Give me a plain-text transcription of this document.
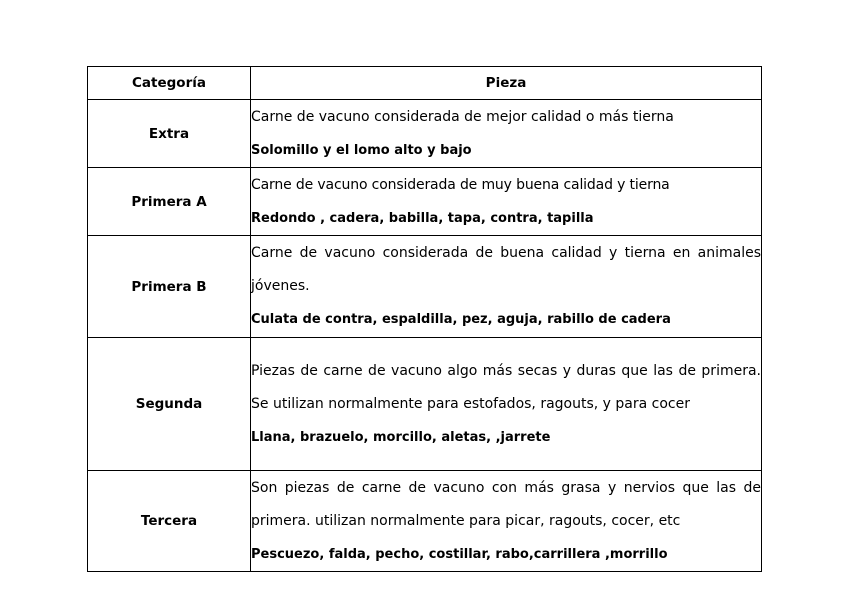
Categoría	Pieza
Extra	Carne de vacuno considerada de mejor calidad o más tierna
Solomillo y el lomo alto y bajo

Primera A	Carne de vacuno considerada de muy buena calidad y tierna
Redondo , cadera, babilla, tapa, contra, tapilla

Primera B	Carne de vacuno considerada de buena calidad y tierna en animales jóvenes.
Culata de contra, espaldilla, pez, aguja, rabillo de cadera

Segunda	Piezas de carne de vacuno algo más secas y duras que las de primera. Se utilizan normalmente para estofados, ragouts, y para cocer
Llana, brazuelo, morcillo, aletas, ,jarrete

Tercera	Son piezas de carne de vacuno con más grasa y nervios que las de primera. utilizan normalmente para picar, ragouts, cocer, etc
Pescuezo, falda, pecho, costillar, rabo,carrillera ,morrillo
